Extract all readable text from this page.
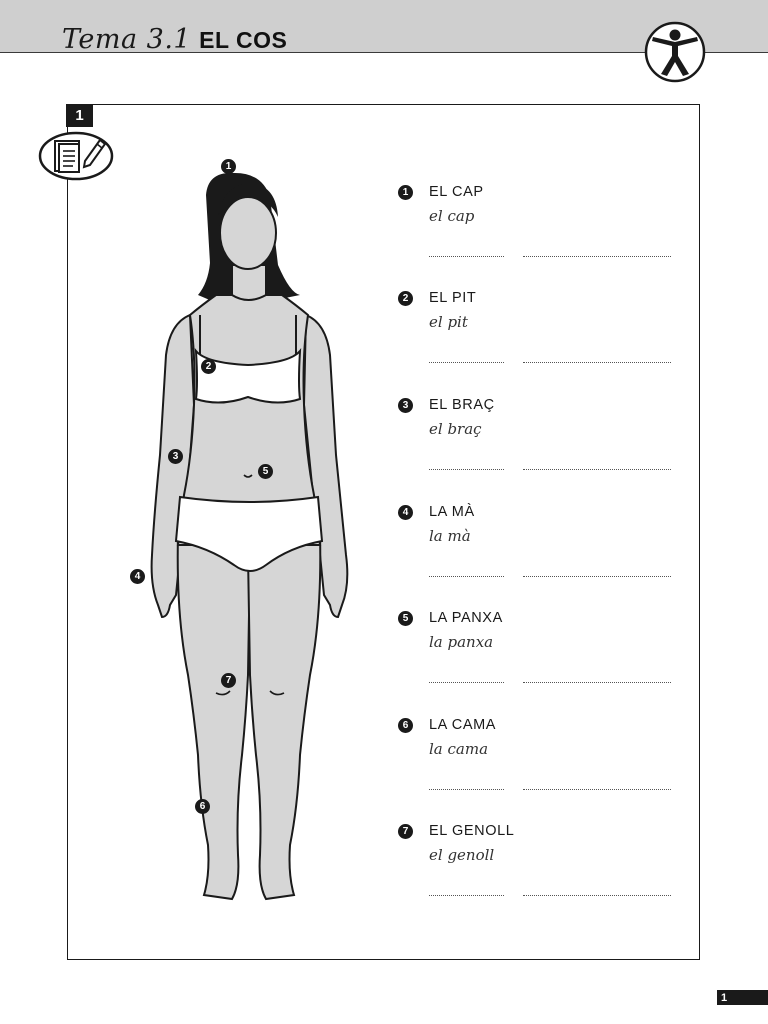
Tema 3.1 EL COS
1
1
2
3
4
5
6
7
1	EL CAP
el cap
2	EL PIT
el pit
3	EL BRAÇ
el braç
4	LA MÀ
la mà
5	LA PANXA
la panxa
6	LA CAMA
la cama
7	EL GENOLL
el genoll
1
